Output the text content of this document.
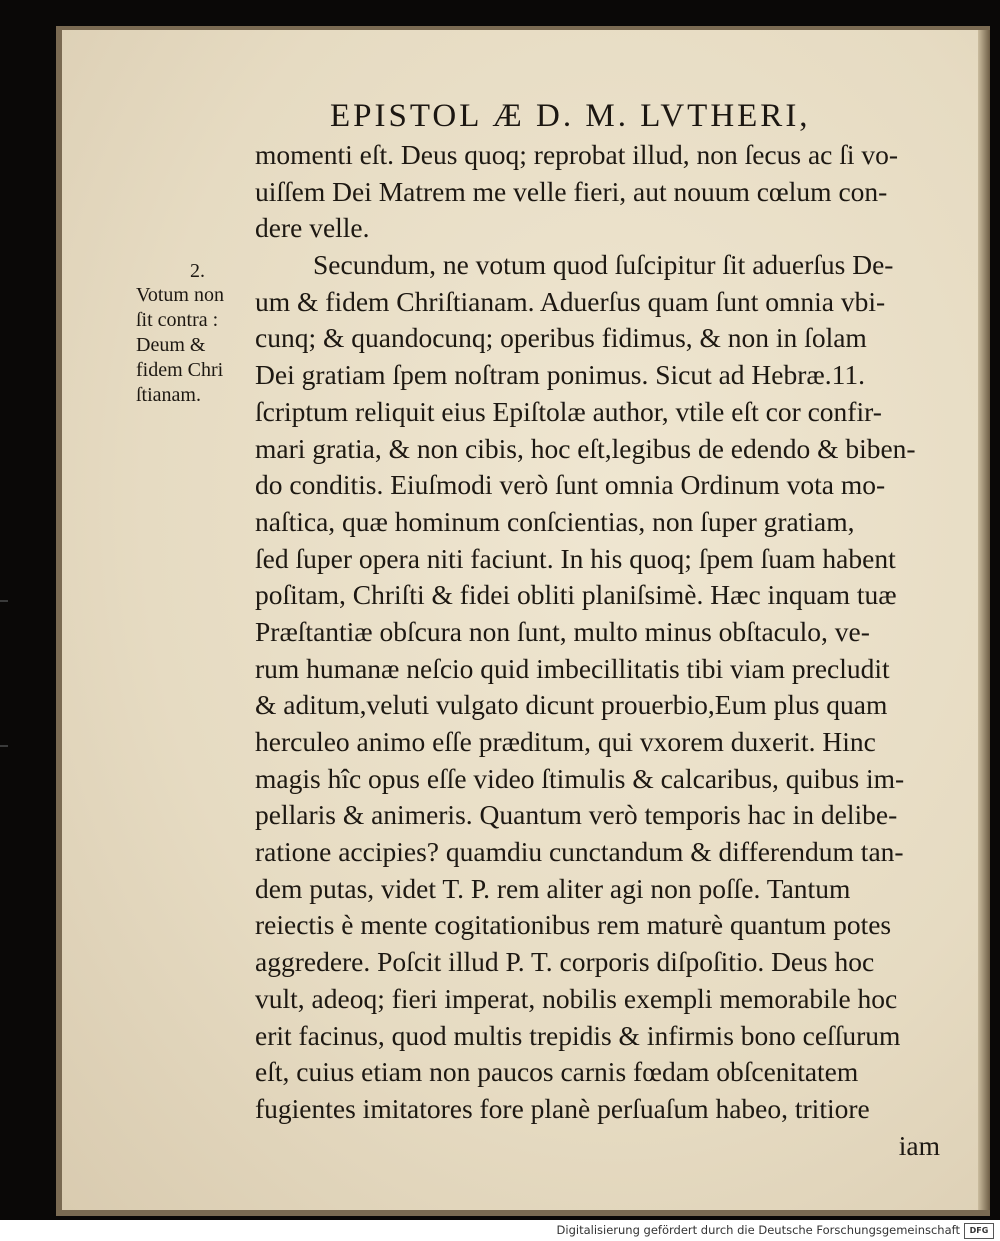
EPISTOL Æ D. M. LVTHERI,
2.
Votum non
ſit contra :
Deum &
fidem Chri
ſtianam.
momenti eſt. Deus quoq; reprobat illud, non ſecus ac ſi vo-
uiſſem Dei Matrem me velle fieri, aut nouum cœlum con-
dere velle.
Secundum, ne votum quod ſuſcipitur ſit aduerſus De-
um & fidem Chriſtianam. Aduerſus quam ſunt omnia vbi-
cunq; & quandocunq; operibus fidimus, & non in ſolam
Dei gratiam ſpem noſtram ponimus. Sicut ad Hebræ.11.
ſcriptum reliquit eius Epiſtolæ author, vtile eſt cor confir-
mari gratia, & non cibis, hoc eſt,legibus de edendo & biben-
do conditis. Eiuſmodi verò ſunt omnia Ordinum vota mo-
naſtica, quæ hominum conſcientias, non ſuper gratiam,
ſed ſuper opera niti faciunt. In his quoq; ſpem ſuam habent
poſitam, Chriſti & fidei obliti planiſsimè. Hæc inquam tuæ
Præſtantiæ obſcura non ſunt, multo minus obſtaculo, ve-
rum humanæ neſcio quid imbecillitatis tibi viam precludit
& aditum,veluti vulgato dicunt prouerbio,Eum plus quam
herculeo animo eſſe præditum, qui vxorem duxerit. Hinc
magis hîc opus eſſe video ſtimulis & calcaribus, quibus im-
pellaris & animeris. Quantum verò temporis hac in delibe-
ratione accipies? quamdiu cunctandum & differendum tan-
dem putas, videt T. P. rem aliter agi non poſſe. Tantum
reiectis è mente cogitationibus rem maturè quantum potes
aggredere. Poſcit illud P. T. corporis diſpoſitio. Deus hoc
vult, adeoq; fieri imperat, nobilis exempli memorabile hoc
erit facinus, quod multis trepidis & infirmis bono ceſſurum
eſt, cuius etiam non paucos carnis fœdam obſcenitatem
fugientes imitatores fore planè perſuaſum habeo, tritiore
iam
Digitalisierung gefördert durch die Deutsche Forschungsgemeinschaft	DFG
